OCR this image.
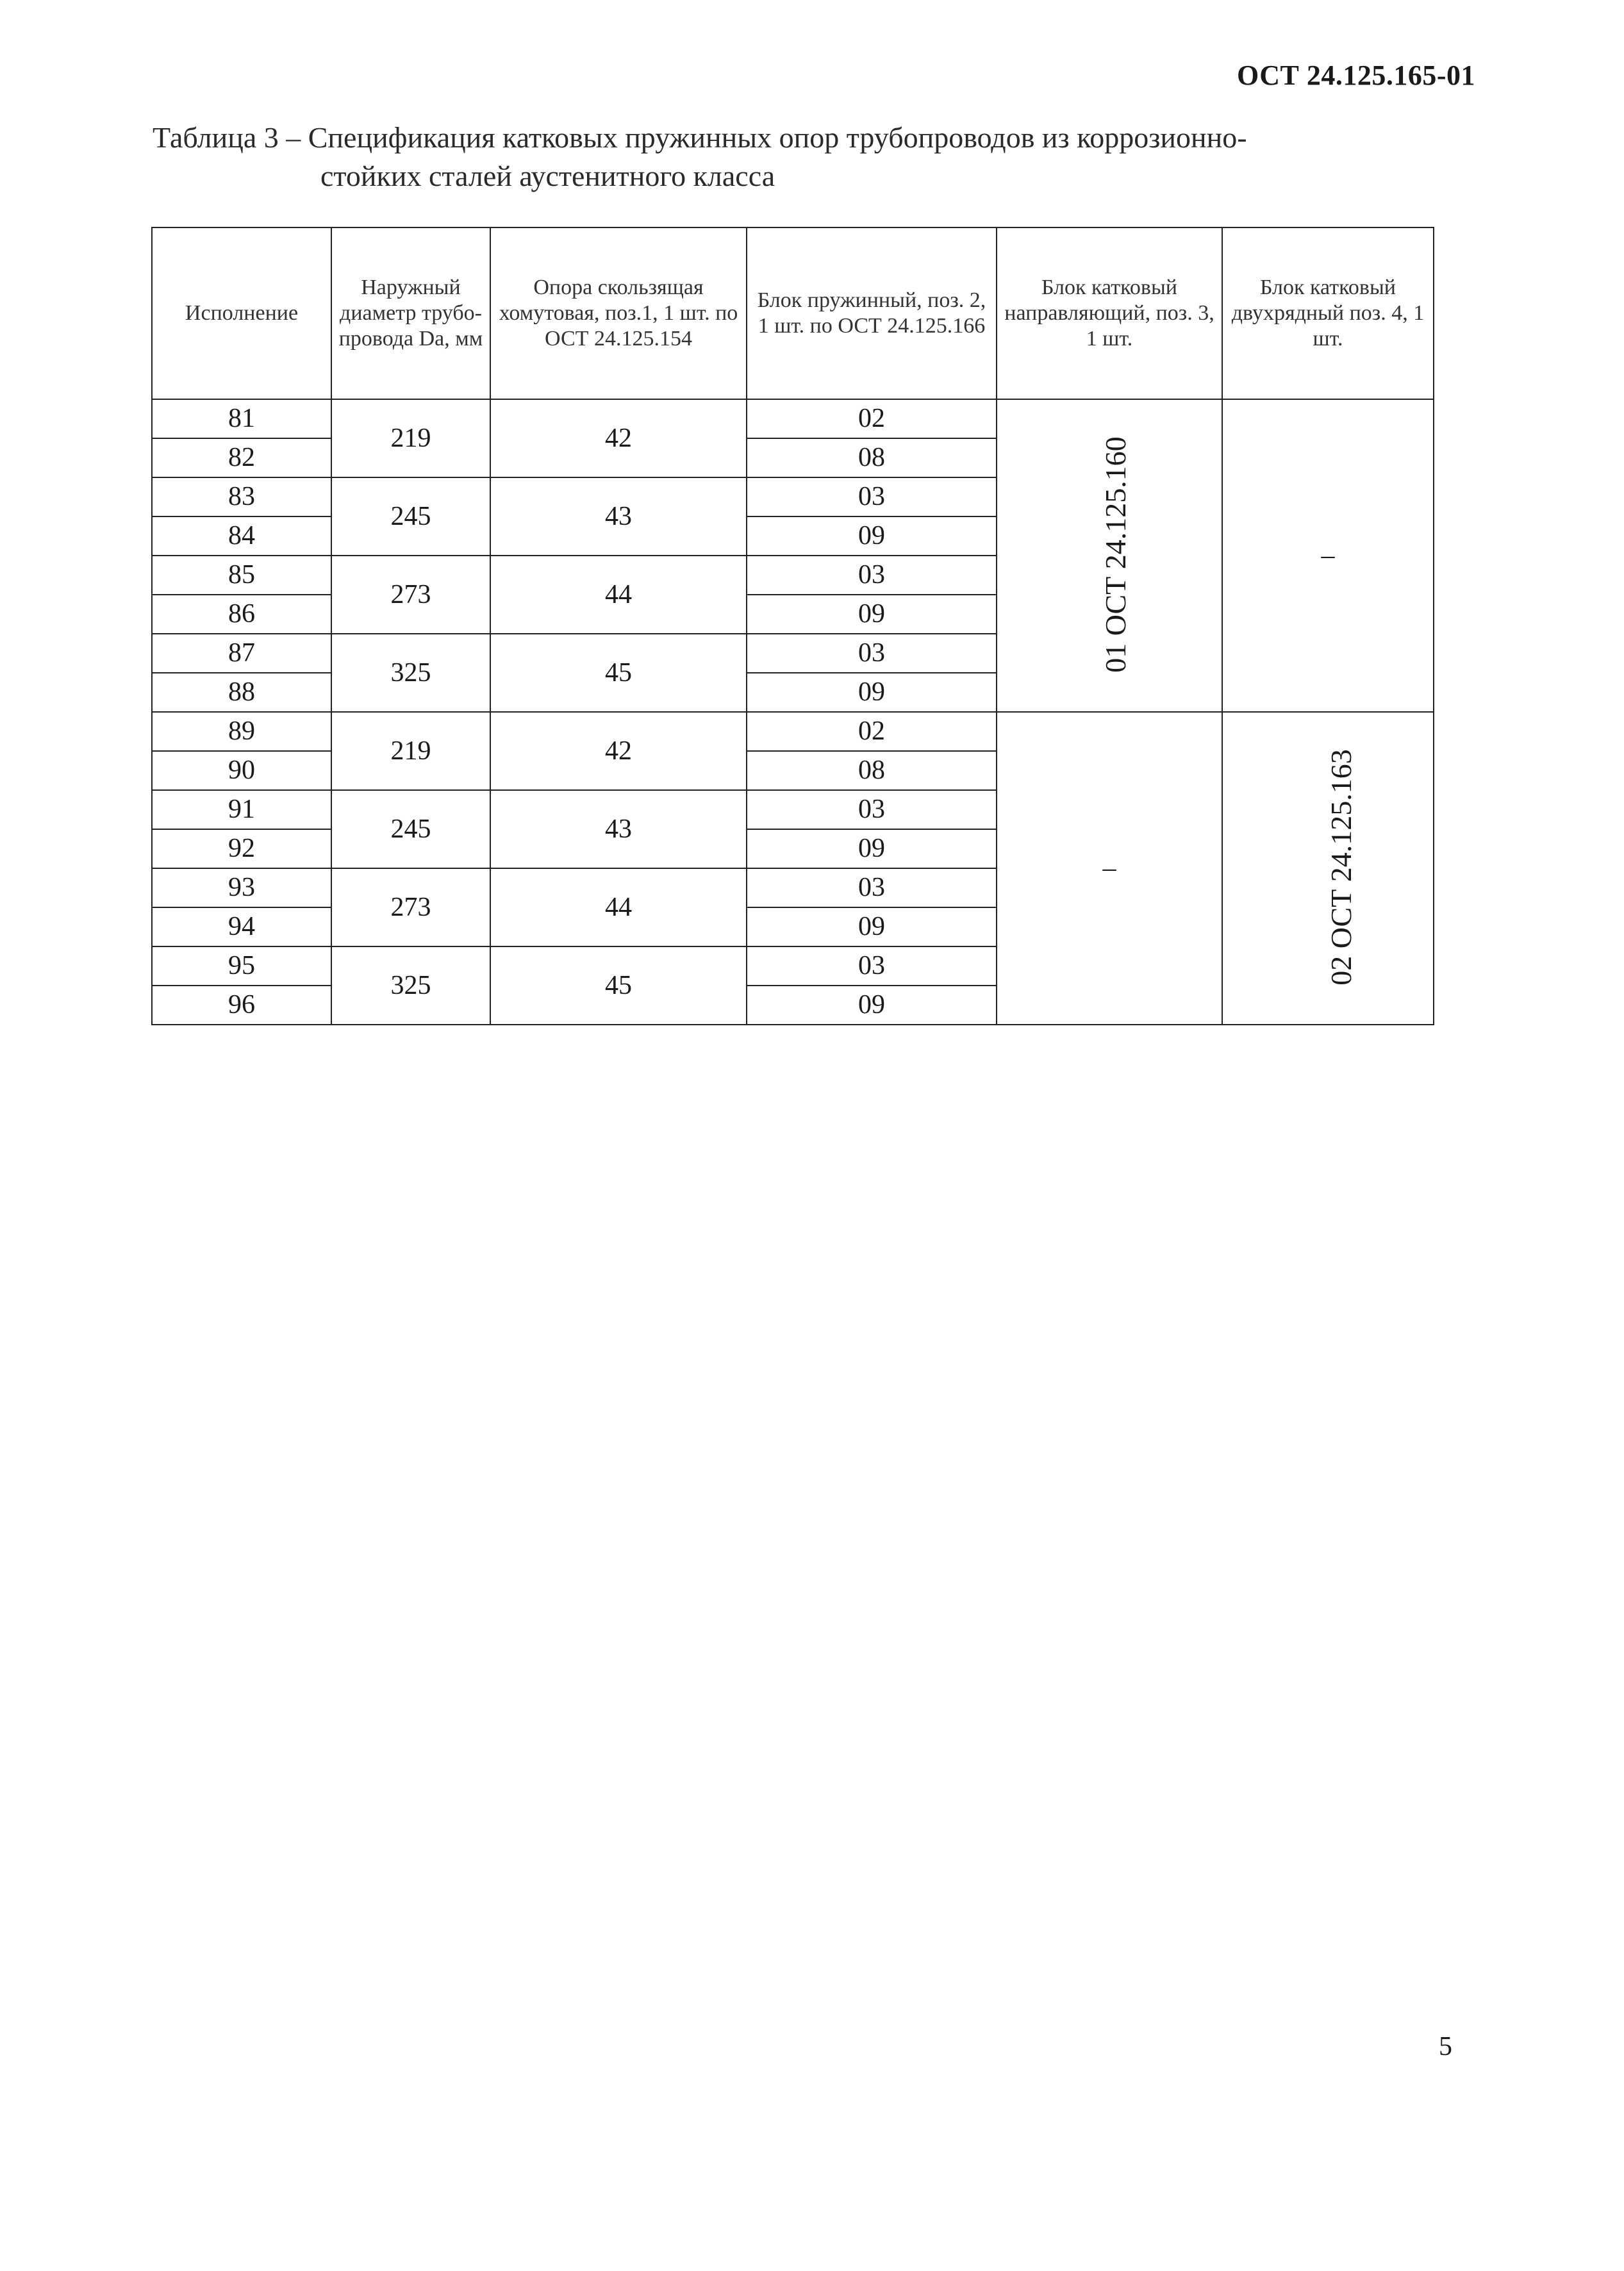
ОСТ 24.125.165-01
Таблица 3 – Спецификация катковых пружинных опор трубопроводов из коррозионно-
стойких сталей аустенитного класса
Исполнение	Наружный диаметр трубо-провода Da, мм	Опора скользящая хомутовая, поз.1, 1 шт. по ОСТ 24.125.154	Блок пружинный, поз. 2, 1 шт. по ОСТ 24.125.166	Блок катковый направляющий, поз. 3, 1 шт.	Блок катковый двухрядный поз. 4, 1 шт.
81	219	42	02	01 ОСТ 24.125.160	–
82			08		
83	245	43	03		
84			09		
85	273	44	03		
86			09		
87	325	45	03		
88			09		
89	219	42	02	–	02 ОСТ 24.125.163
90			08		
91	245	43	03		
92			09		
93	273	44	03		
94			09		
95	325	45	03		
96			09		
5
